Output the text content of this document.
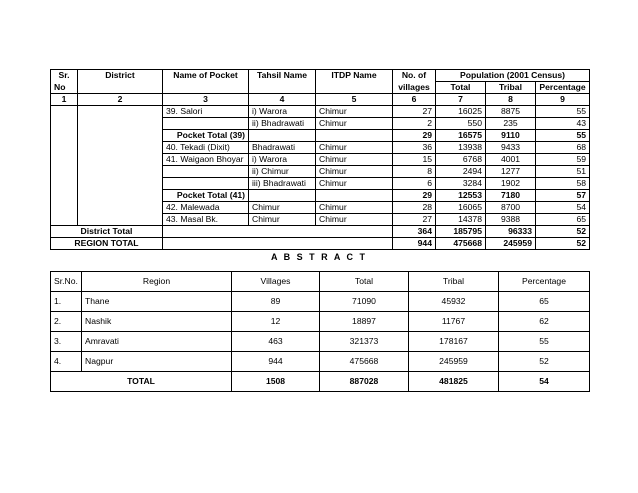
Sr.	District	Name of Pocket	Tahsil Name	ITDP Name	No. of	Population (2001 Census)		
No					villages	Total	Tribal	Percentage
1	2	3	4	5	6	7	8	9
		39. Salori	i) Warora	Chimur	27	16025	8875	55
			ii) Bhadrawati	Chimur	2	550	235	43
		Pocket Total (39)			29	16575	9110	55
		40. Tekadi (Dixit)	Bhadrawati	Chimur	36	13938	9433	68
		41. Waigaon Bhoyar	i) Warora	Chimur	15	6768	4001	59
			ii) Chimur	Chimur	8	2494	1277	51
			iii) Bhadrawati	Chimur	6	3284	1902	58
		Pocket Total (41)			29	12553	7180	57
		42. Malewada	Chimur	Chimur	28	16065	8700	54
		43. Masal Bk.	Chimur	Chimur	27	14378	9388	65
District Total					364	185795	96333	52
REGION TOTAL					944	475668	245959	52
A B S T R A C T
Sr.No.	Region	Villages	Total	Tribal	Percentage
1.	Thane	89	71090	45932	65
2.	Nashik	12	18897	11767	62
3.	Amravati	463	321373	178167	55
4.	Nagpur	944	475668	245959	52
TOTAL		1508	887028	481825	54
